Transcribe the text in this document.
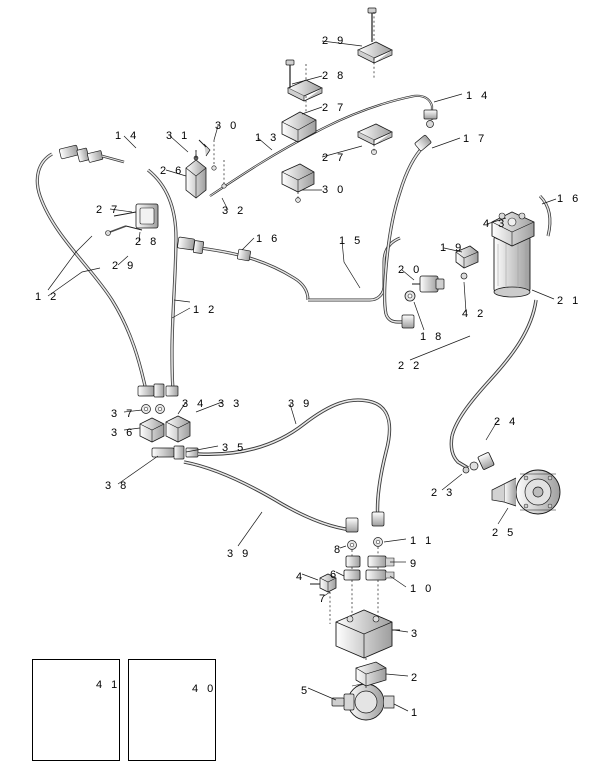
2 9
2 8
2 7
1 4
1 7
2 7
1 3
3 0
3 1
1 4
2 6
3 0
1 6
3 2
2 7
4 3
2 8	1 6	1 5
1 9
2 9	2 0
2 1
1 2
1 2	4 2
1 8
2 2
3 4 3 3	3 9
3 7
3 6
2 4
3 5
3 8
2 3
2 5
3 9	8
1 1
9
6
4
1 0
7
3
2
5
1
4 1	4 0
